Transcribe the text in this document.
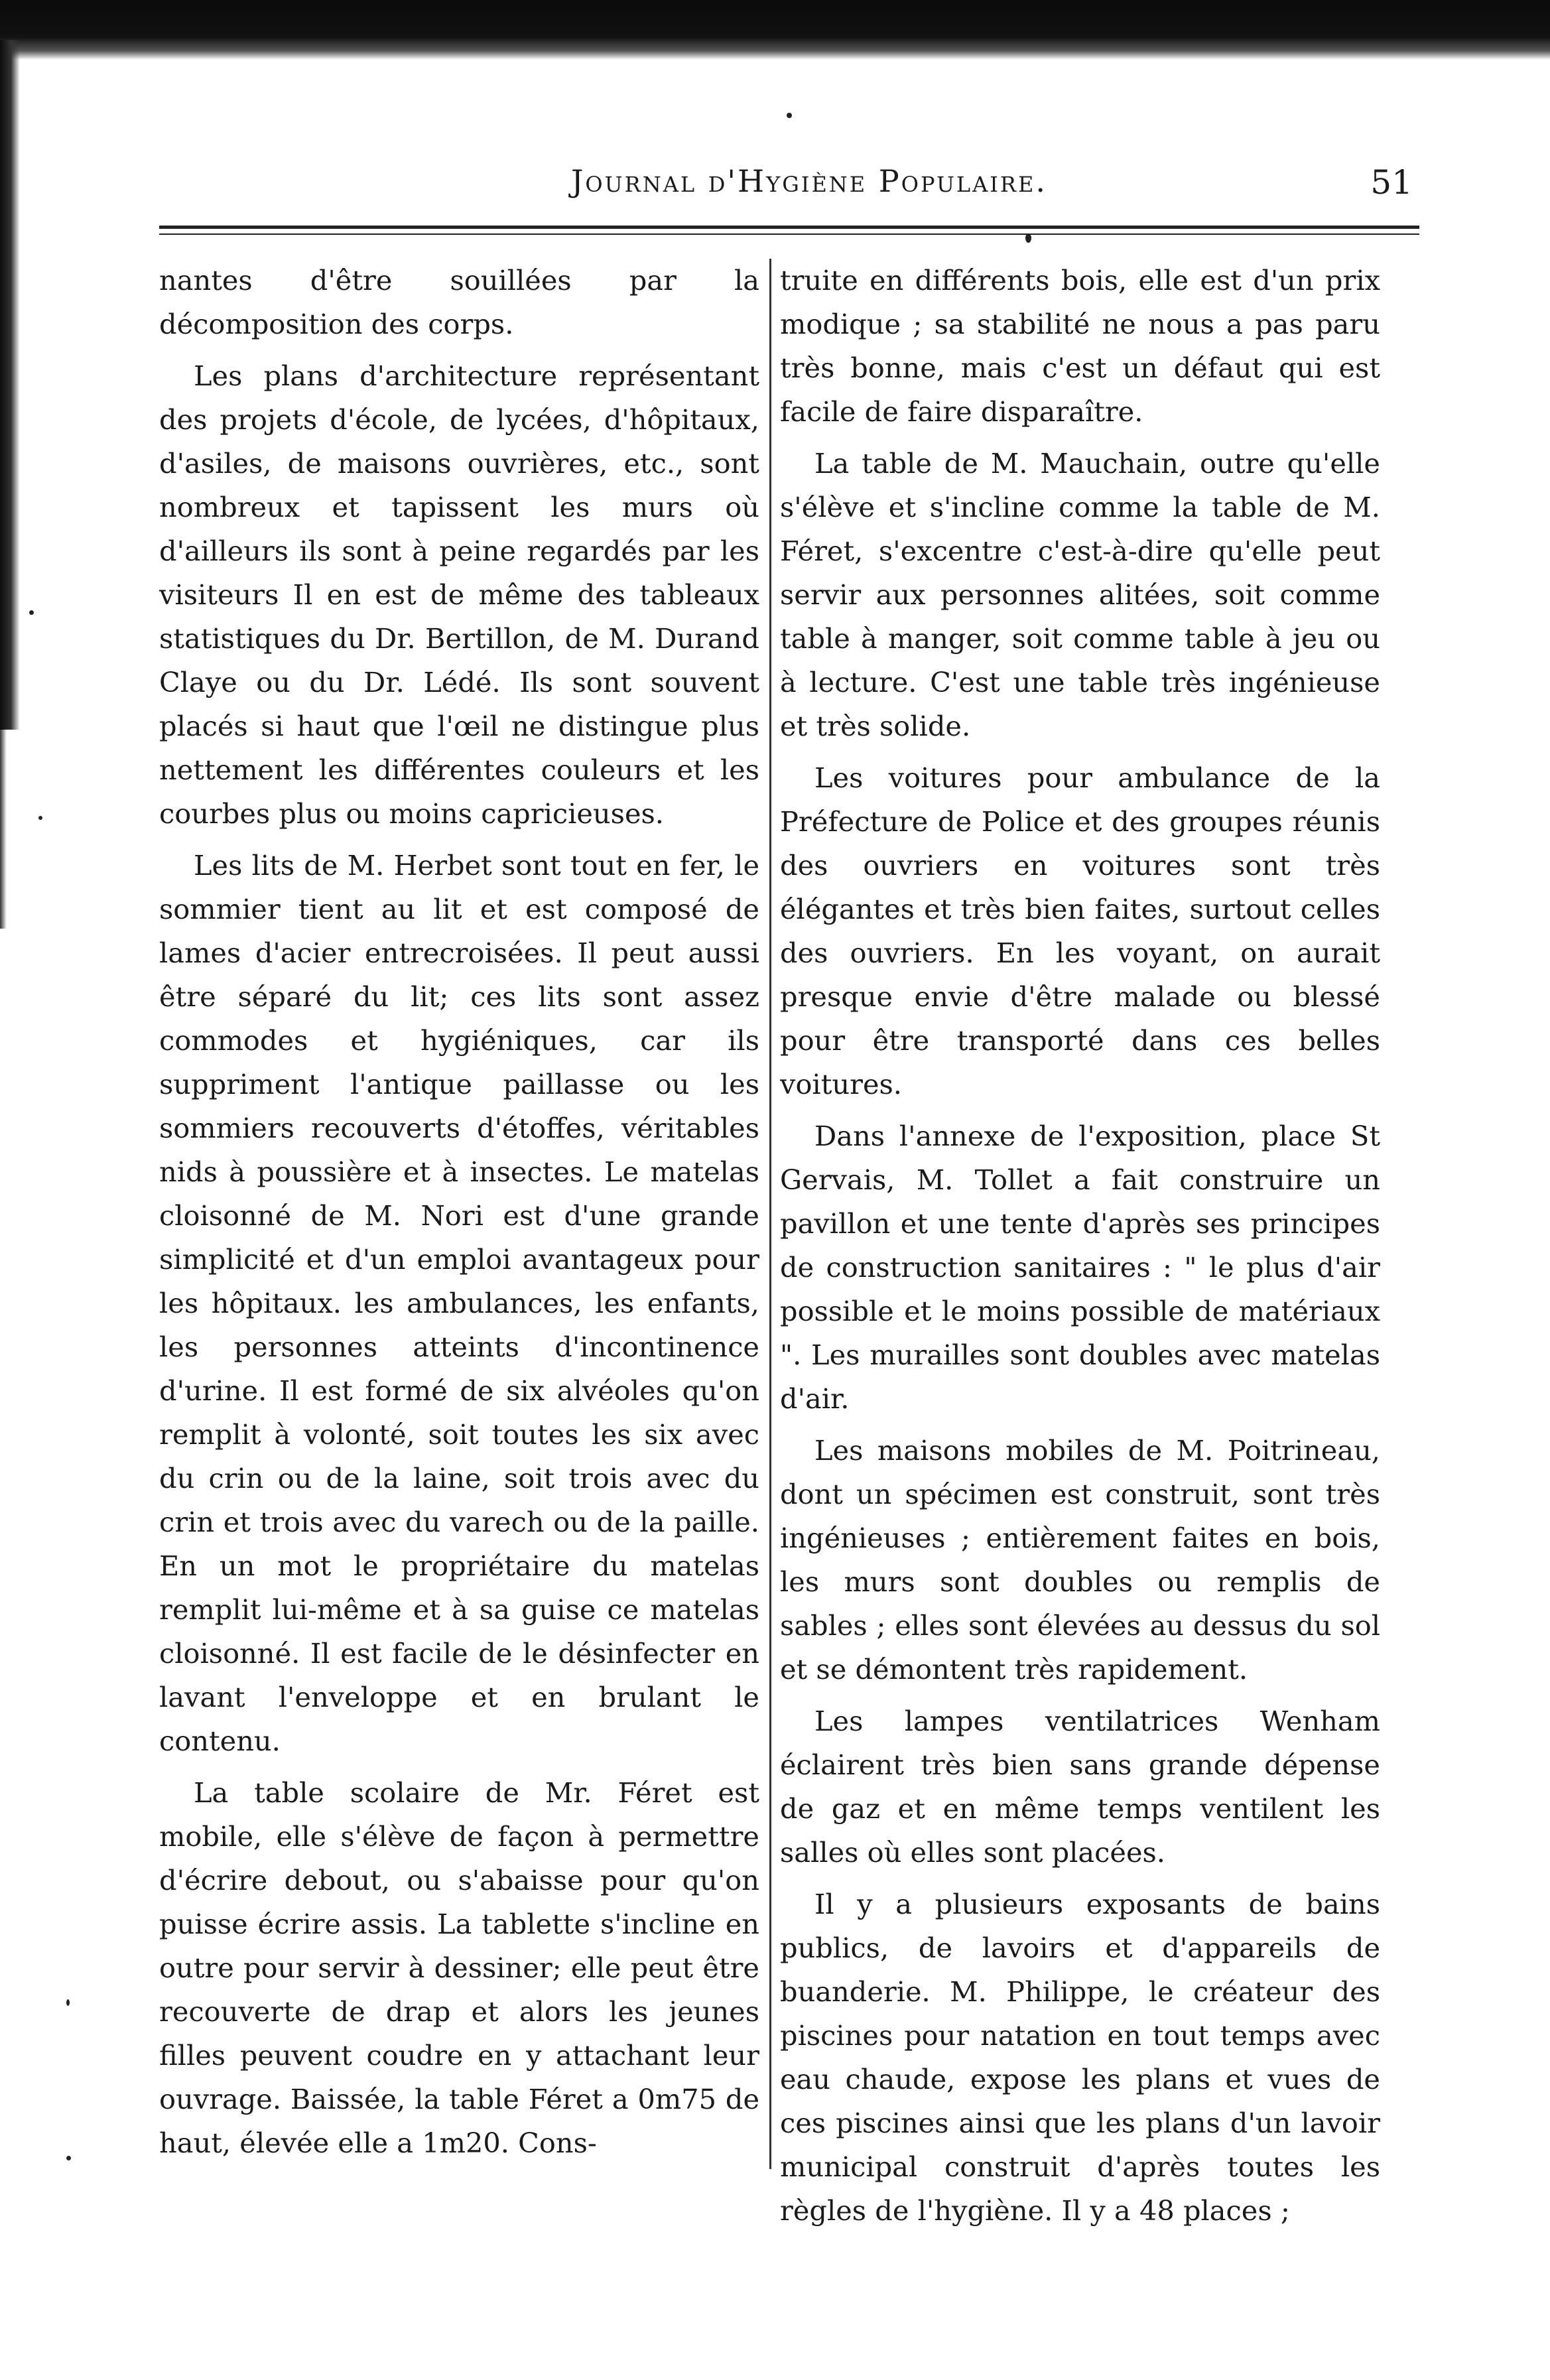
Journal d'Hygiène Populaire.	51

nantes d'être souillées par la décomposition des corps.

Les plans d'architecture représentant des projets d'école, de lycées, d'hôpitaux, d'asiles, de maisons ouvrières, etc., sont nombreux et tapissent les murs où d'ailleurs ils sont à peine regardés par les visiteurs Il en est de même des tableaux statistiques du Dr. Bertillon, de M. Durand Claye ou du Dr. Lédé. Ils sont souvent placés si haut que l'œil ne distingue plus nettement les différentes couleurs et les courbes plus ou moins capricieuses.

Les lits de M. Herbet sont tout en fer, le sommier tient au lit et est composé de lames d'acier entrecroisées. Il peut aussi être séparé du lit; ces lits sont assez commodes et hygiéniques, car ils suppriment l'antique paillasse ou les sommiers recouverts d'étoffes, véritables nids à poussière et à insectes. Le matelas cloisonné de M. Nori est d'une grande simplicité et d'un emploi avantageux pour les hôpitaux. les ambulances, les enfants, les personnes atteints d'incontinence d'urine. Il est formé de six alvéoles qu'on remplit à volonté, soit toutes les six avec du crin ou de la laine, soit trois avec du crin et trois avec du varech ou de la paille. En un mot le propriétaire du matelas remplit lui-même et à sa guise ce matelas cloisonné. Il est facile de le désinfecter en lavant l'enveloppe et en brulant le contenu.

La table scolaire de Mr. Féret est mobile, elle s'élève de façon à permettre d'écrire debout, ou s'abaisse pour qu'on puisse écrire assis. La tablette s'incline en outre pour servir à dessiner; elle peut être recouverte de drap et alors les jeunes filles peuvent coudre en y attachant leur ouvrage. Baissée, la table Féret a 0m75 de haut, élevée elle a 1m20. Cons-

truite en différents bois, elle est d'un prix modique ; sa stabilité ne nous a pas paru très bonne, mais c'est un défaut qui est facile de faire disparaître.

La table de M. Mauchain, outre qu'elle s'élève et s'incline comme la table de M. Féret, s'excentre c'est-à-dire qu'elle peut servir aux personnes alitées, soit comme table à manger, soit comme table à jeu ou à lecture. C'est une table très ingénieuse et très solide.

Les voitures pour ambulance de la Préfecture de Police et des groupes réunis des ouvriers en voitures sont très élégantes et très bien faites, surtout celles des ouvriers. En les voyant, on aurait presque envie d'être malade ou blessé pour être transporté dans ces belles voitures.

Dans l'annexe de l'exposition, place St Gervais, M. Tollet a fait construire un pavillon et une tente d'après ses principes de construction sanitaires : " le plus d'air possible et le moins possible de matériaux ". Les murailles sont doubles avec matelas d'air.

Les maisons mobiles de M. Poitrineau, dont un spécimen est construit, sont très ingénieuses ; entièrement faites en bois, les murs sont doubles ou remplis de sables ; elles sont élevées au dessus du sol et se démontent très rapidement.

Les lampes ventilatrices Wenham éclairent très bien sans grande dépense de gaz et en même temps ventilent les salles où elles sont placées.

Il y a plusieurs exposants de bains publics, de lavoirs et d'appareils de buanderie. M. Philippe, le créateur des piscines pour natation en tout temps avec eau chaude, expose les plans et vues de ces piscines ainsi que les plans d'un lavoir municipal construit d'après toutes les règles de l'hygiène. Il y a 48 places ;
